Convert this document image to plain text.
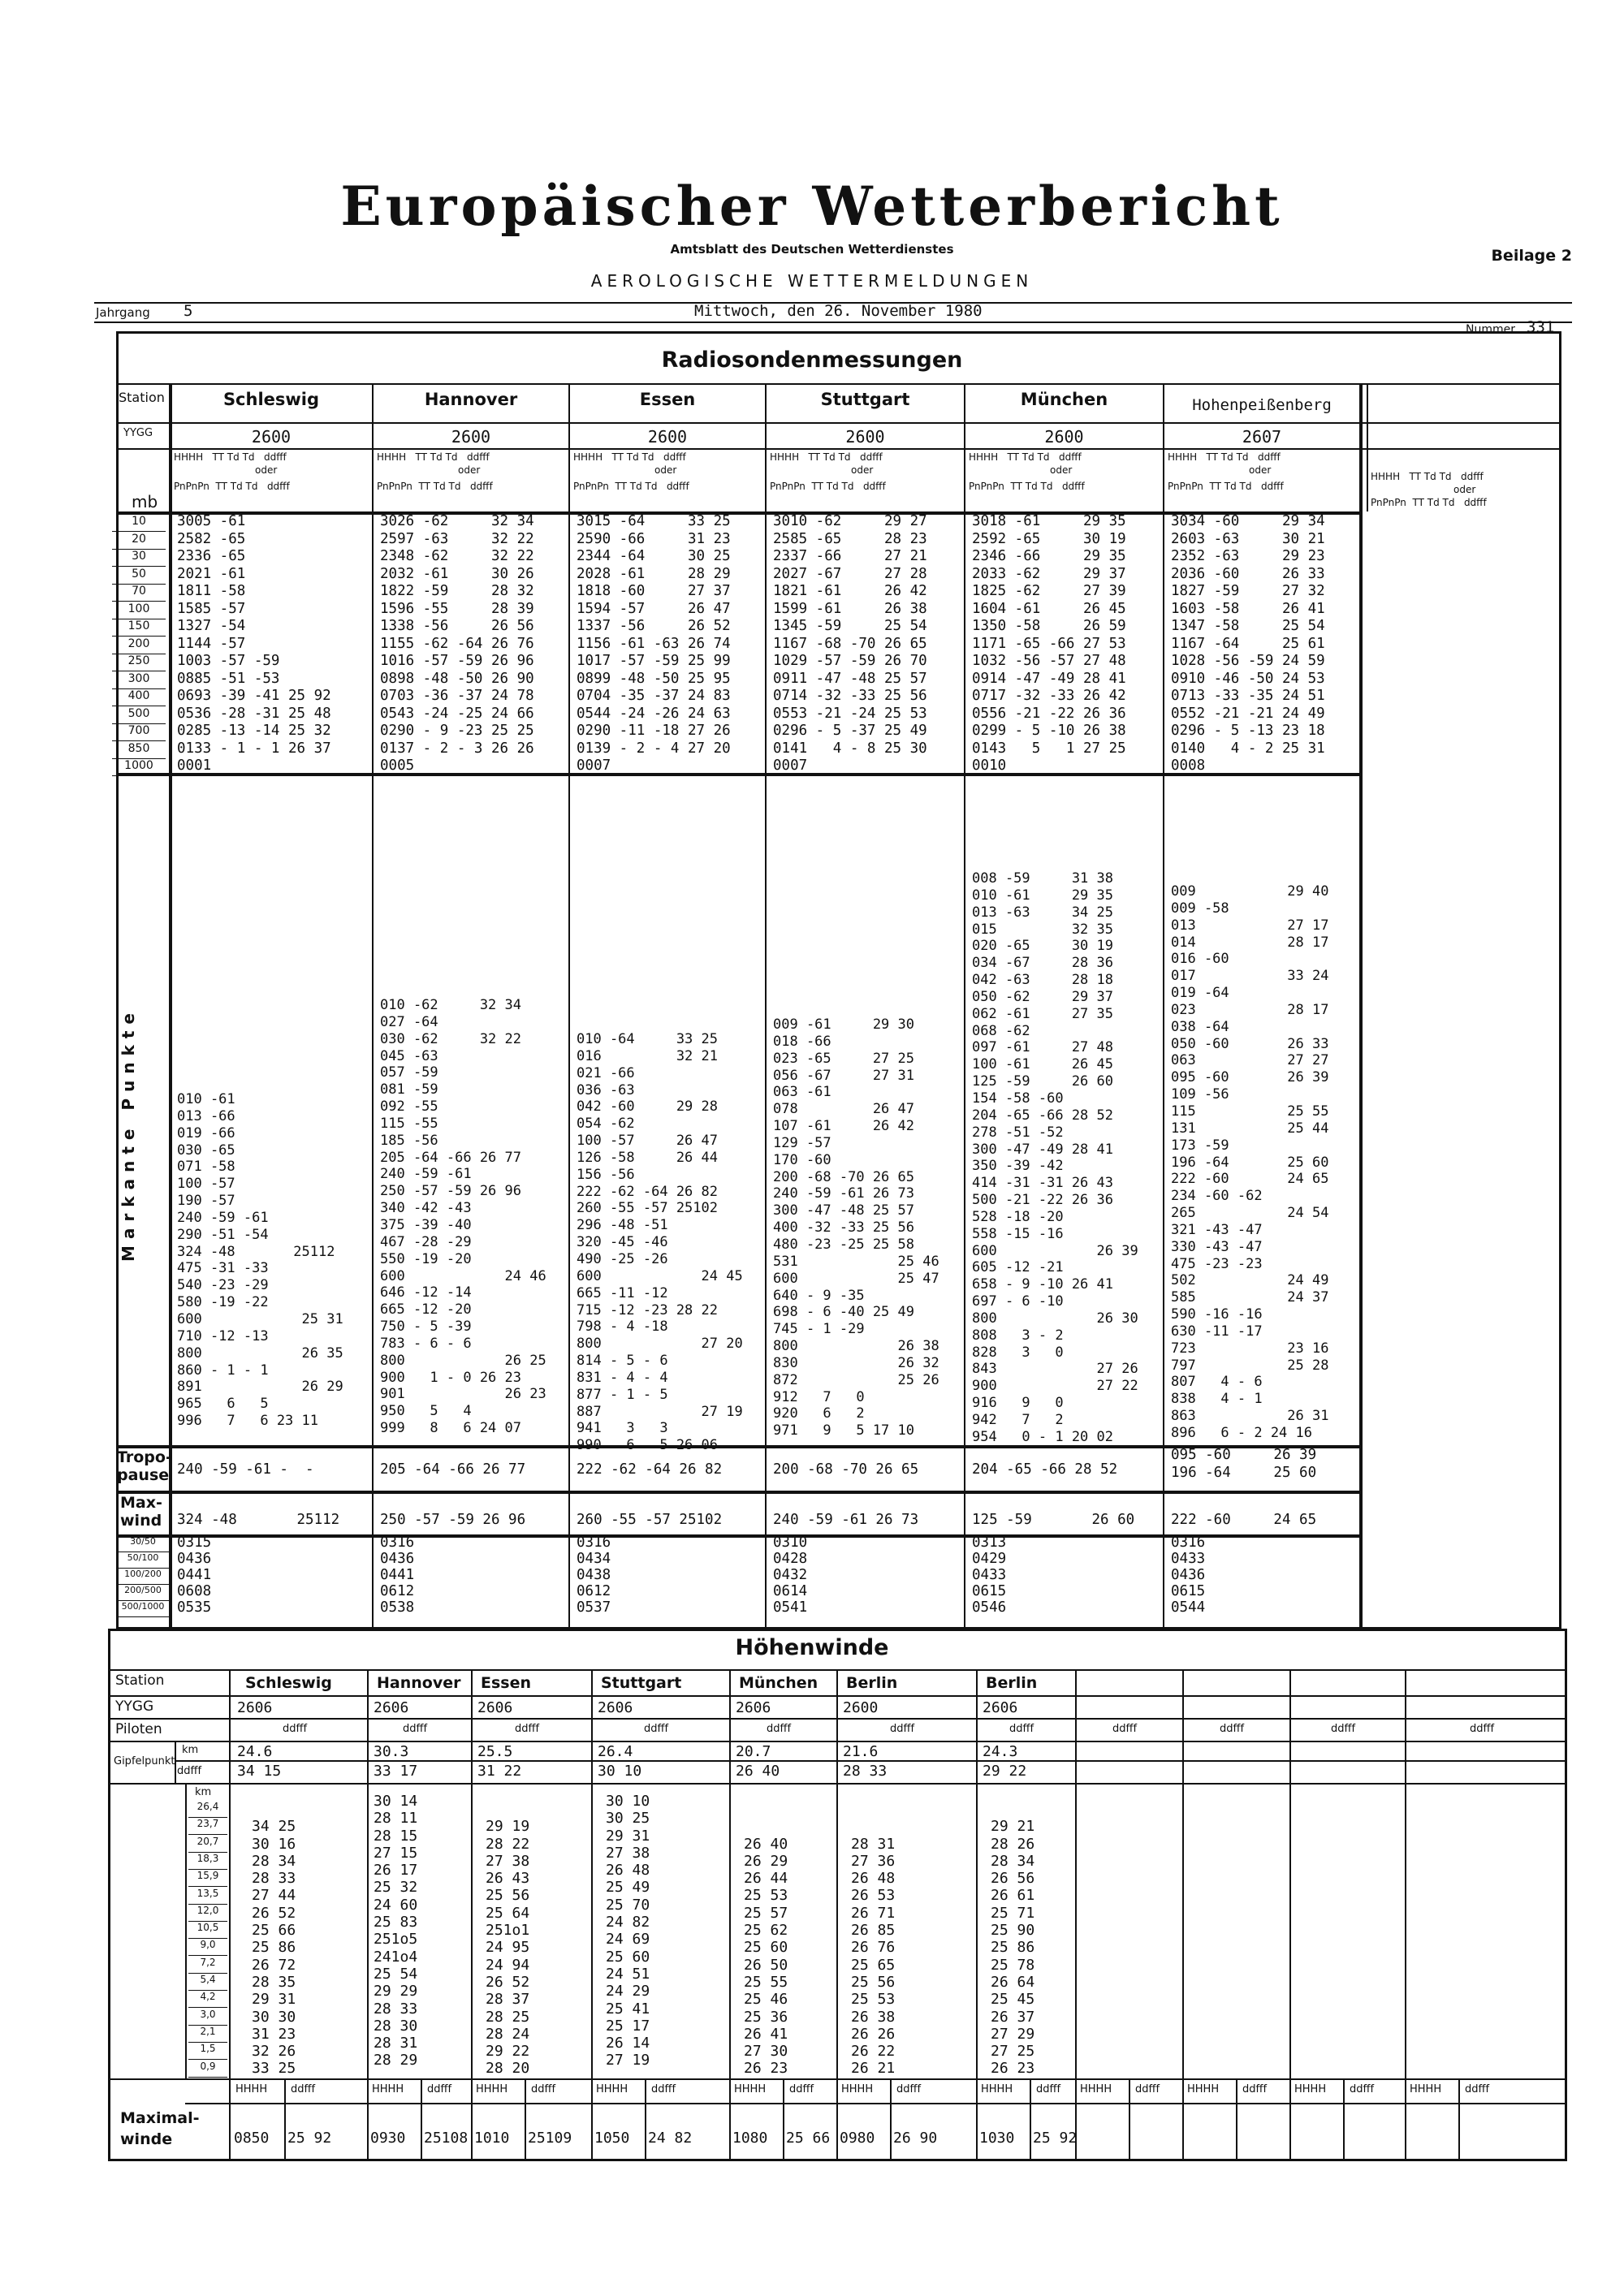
Europäischer Wetterbericht
Amtsblatt des Deutschen Wetterdienstes	Beilage 2
AEROLOGISCHE WETTERMELDUNGEN
Jahrgang 5	Mittwoch, den 26. November 1980
Nummer 331
Radiosondenmessungen
Station
YYGG
mb
Schleswig
2600
HHHH   TT Td Td   ddfff
oder
PnPnPn  TT Td Td   ddfff
3005 -61
2582 -65
2336 -65
2021 -61
1811 -58
1585 -57
1327 -54
1144 -57
1003 -57 -59
0885 -51 -53
0693 -39 -41 25 92
0536 -28 -31 25 48
0285 -13 -14 25 32
0133 - 1 - 1 26 37
0001
010 -61
013 -66
019 -66
030 -65
071 -58
100 -57
190 -57
240 -59 -61
290 -51 -54
324 -48       25112
475 -31 -33
540 -23 -29
580 -19 -22
600            25 31
710 -12 -13
800            26 35
860 - 1 - 1
891            26 29
965   6   5
996   7   6 23 11
240 -59 -61 -  -
324 -48       25112
0315
0436
0441
0608
0535
Hannover
2600
HHHH   TT Td Td   ddfff
oder
PnPnPn  TT Td Td   ddfff
3026 -62     32 34
2597 -63     32 22
2348 -62     32 22
2032 -61     30 26
1822 -59     28 32
1596 -55     28 39
1338 -56     26 56
1155 -62 -64 26 76
1016 -57 -59 26 96
0898 -48 -50 26 90
0703 -36 -37 24 78
0543 -24 -25 24 66
0290 - 9 -23 25 25
0137 - 2 - 3 26 26
0005
010 -62     32 34
027 -64
030 -62     32 22
045 -63
057 -59
081 -59
092 -55
115 -55
185 -56
205 -64 -66 26 77
240 -59 -61
250 -57 -59 26 96
340 -42 -43
375 -39 -40
467 -28 -29
550 -19 -20
600            24 46
646 -12 -14
665 -12 -20
750 - 5 -39
783 - 6 - 6
800            26 25
900   1 - 0 26 23
901            26 23
950   5   4
999   8   6 24 07
205 -64 -66 26 77
250 -57 -59 26 96
0316
0436
0441
0612
0538
Essen
2600
HHHH   TT Td Td   ddfff
oder
PnPnPn  TT Td Td   ddfff
3015 -64     33 25
2590 -66     31 23
2344 -64     30 25
2028 -61     28 29
1818 -60     27 37
1594 -57     26 47
1337 -56     26 52
1156 -61 -63 26 74
1017 -57 -59 25 99
0899 -48 -50 25 95
0704 -35 -37 24 83
0544 -24 -26 24 63
0290 -11 -18 27 26
0139 - 2 - 4 27 20
0007
010 -64     33 25
016         32 21
021 -66
036 -63
042 -60     29 28
054 -62
100 -57     26 47
126 -58     26 44
156 -56
222 -62 -64 26 82
260 -55 -57 25102
296 -48 -51
320 -45 -46
490 -25 -26
600            24 45
665 -11 -12
715 -12 -23 28 22
798 - 4 -18
800            27 20
814 - 5 - 6
831 - 4 - 4
877 - 1 - 5
887            27 19
941   3   3
990   6   5 26 06
222 -62 -64 26 82
260 -55 -57 25102
0316
0434
0438
0612
0537
Stuttgart
2600
HHHH   TT Td Td   ddfff
oder
PnPnPn  TT Td Td   ddfff
3010 -62     29 27
2585 -65     28 23
2337 -66     27 21
2027 -67     27 28
1821 -61     26 42
1599 -61     26 38
1345 -59     25 54
1167 -68 -70 26 65
1029 -57 -59 26 70
0911 -47 -48 25 57
0714 -32 -33 25 56
0553 -21 -24 25 53
0296 - 5 -37 25 49
0141   4 - 8 25 30
0007
009 -61     29 30
018 -66
023 -65     27 25
056 -67     27 31
063 -61
078         26 47
107 -61     26 42
129 -57
170 -60
200 -68 -70 26 65
240 -59 -61 26 73
300 -47 -48 25 57
400 -32 -33 25 56
480 -23 -25 25 58
531            25 46
600            25 47
640 - 9 -35
698 - 6 -40 25 49
745 - 1 -29
800            26 38
830            26 32
872            25 26
912   7   0
920   6   2
971   9   5 17 10
200 -68 -70 26 65
240 -59 -61 26 73
0310
0428
0432
0614
0541
München
2600
HHHH   TT Td Td   ddfff
oder
PnPnPn  TT Td Td   ddfff
3018 -61     29 35
2592 -65     30 19
2346 -66     29 35
2033 -62     29 37
1825 -62     27 39
1604 -61     26 45
1350 -58     26 59
1171 -65 -66 27 53
1032 -56 -57 27 48
0914 -47 -49 28 41
0717 -32 -33 26 42
0556 -21 -22 26 36
0299 - 5 -10 26 38
0143   5   1 27 25
0010
008 -59     31 38
010 -61     29 35
013 -63     34 25
015         32 35
020 -65     30 19
034 -67     28 36
042 -63     28 18
050 -62     29 37
062 -61     27 35
068 -62
097 -61     27 48
100 -61     26 45
125 -59     26 60
154 -58 -60
204 -65 -66 28 52
278 -51 -52
300 -47 -49 28 41
350 -39 -42
414 -31 -31 26 43
500 -21 -22 26 36
528 -18 -20
558 -15 -16
600            26 39
605 -12 -21
658 - 9 -10 26 41
697 - 6 -10
800            26 30
808   3 - 2
828   3   0
843            27 26
900            27 22
916   9   0
942   7   2
954   0 - 1 20 02
204 -65 -66 28 52
125 -59       26 60
0313
0429
0433
0615
0546
Hohenpeißenberg
2607
HHHH   TT Td Td   ddfff
oder
PnPnPn  TT Td Td   ddfff
3034 -60     29 34
2603 -63     30 21
2352 -63     29 23
2036 -60     26 33
1827 -59     27 32
1603 -58     26 41
1347 -58     25 54
1167 -64     25 61
1028 -56 -59 24 59
0910 -46 -50 24 53
0713 -33 -35 24 51
0552 -21 -21 24 49
0296 - 5 -13 23 18
0140   4 - 2 25 31
0008
009           29 40
009 -58
013           27 17
014           28 17
016 -60
017           33 24
019 -64
023           28 17
038 -64
050 -60       26 33
063           27 27
095 -60       26 39
109 -56
115           25 55
131           25 44
173 -59
196 -64       25 60
222 -60       24 65
234 -60 -62
265           24 54
321 -43 -47
330 -43 -47
475 -23 -23
502           24 49
585           24 37
590 -16 -16
630 -11 -17
723           23 16
797           25 28
807   4 - 6
838   4 - 1
863           26 31
896   6 - 2 24 16
095 -60     26 39
196 -64     25 60
222 -60     24 65
0316
0433
0436
0615
0544
HHHH   TT Td Td   ddfff
oder
PnPnPn  TT Td Td   ddfff
10
20
30
50
70
100
150
200
250
300
400
500
700
850
1000
Markante Punkte
Tropo-
pause
Max-
wind
30/50
50/100
100/200
200/500
500/1000
Höhenwinde
Station
YYGG
Piloten
Gipfelpunkt
km
ddfff
km
26,4
23,7
20,7
18,3
15,9
13,5
12,0
10,5
9,0
7,2
5,4
4,2
3,0
2,1
1,5
0,9
Maximal-
winde
ddfff
HHHH ddfff
ddfff
HHHH ddfff
ddfff
HHHH ddfff
ddfff
HHHH ddfff
ddfff
HHHH ddfff
ddfff
HHHH ddfff
ddfff
HHHH ddfff
ddfff
HHHH ddfff
ddfff
HHHH ddfff
ddfff
HHHH ddfff
ddfff
HHHH ddfff
Schleswig
2606
24.6
34 15

34 25
30 16
28 34
28 33
27 44
26 52
25 66
25 86
26 72
28 35
29 31
30 30
31 23
32 26
33 25
0850 25 92
Hannover
2606
30.3
33 17
30 14
28 11
28 15
27 15
26 17
25 32
24 60
25 83
251o5
241o4
25 54
29 29
28 33
28 30
28 31
28 29
0930 25108
Essen
2606
25.5
31 22

29 19
28 22
27 38
26 43
25 56
25 64
251o1
24 95
24 94
26 52
28 37
28 25
28 24
29 22
28 20
1010 25109
Stuttgart
2606
26.4
30 10
30 10
30 25
29 31
27 38
26 48
25 49
25 70
24 82
24 69
25 60
24 51
24 29
25 41
25 17
26 14
27 19
1050 24 82
München
2606
20.7
26 40

26 40
26 29
26 44
25 53
25 57
25 62
25 60
26 50
25 55
25 46
25 36
26 41
27 30
26 23
1080 25 66
Berlin
2600
21.6
28 33

28 31
27 36
26 48
26 53
26 71
26 85
26 76
25 65
25 56
25 53
26 38
26 26
26 22
26 21
0980 26 90
Berlin
2606
24.3
29 22

29 21
28 26
28 34
26 56
26 61
25 71
25 90
25 86
25 78
26 64
25 45
26 37
27 29
27 25
26 23
1030 25 92
